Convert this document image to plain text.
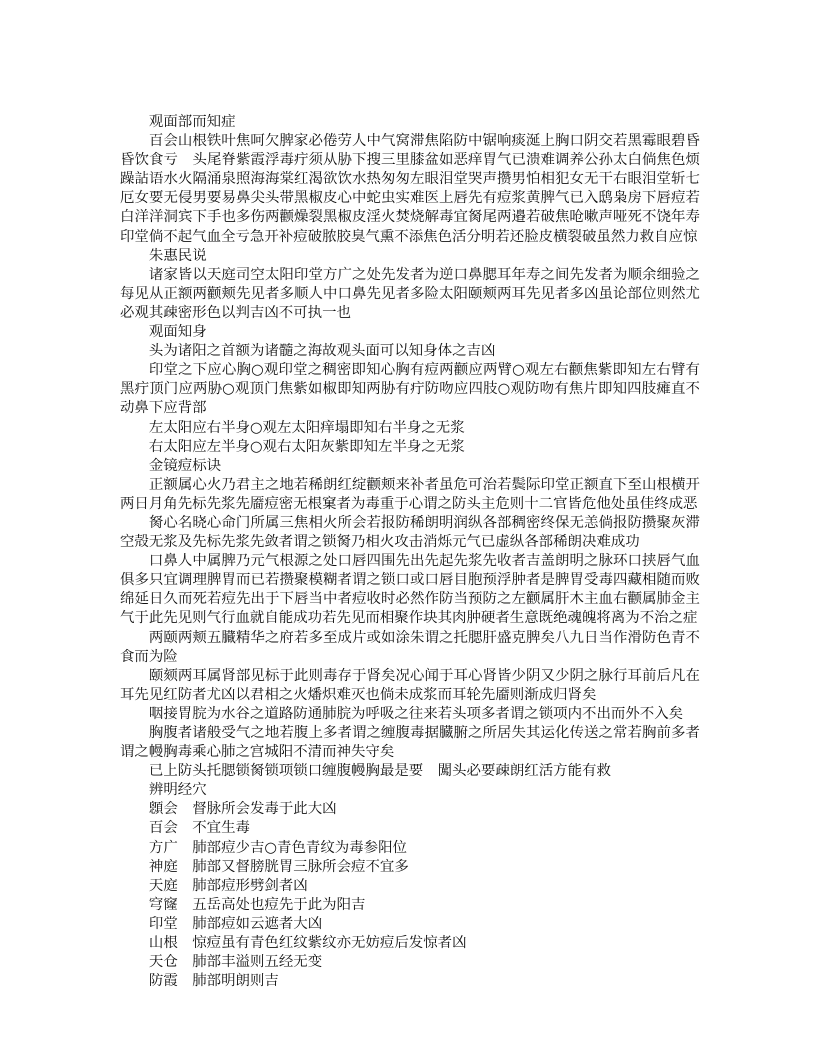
观面部而知症

百会山根铁叶焦呵欠脾家必倦劳人中气窝滞焦陷防中锯响痰涎上胸口阴交若黑霉眼碧昏昏饮食亏　头尾脊紫霞浮毒疔须从胁下搜三里膝盆如恶痒胃气已溃难调养公孙太白倘焦色烦躁詀语水火隔涌泉照海海棠红渴欲饮水热匆匆左眼泪堂哭声攒男怕相犯女无干右眼泪堂斩七厄女要无侵男要易鼻尖头带黑椒皮心中蛇虫实难医上唇先有痘浆黄脾气已入鸱枭房下唇痘若白洋洋洞宾下手也多伤两颧燥裂黑椒皮淫火焚烧解毒宜胬尾两邉若破焦呛嗽声哑死不饶年寿印堂倘不起气血全亏急开补痘破脓胶臭气熏不添焦色活分明若还脸皮横裂破虽然力救自应惊

朱惠民说

诸家皆以天庭司空太阳印堂方广之处先发者为逆口鼻腮耳年寿之间先发者为顺余细验之每见从正额两颧颊先见者多顺人中口鼻先见者多险太阳颐颊两耳先见者多凶虽论部位则然尤必观其疎密形色以判吉凶不可执一也

观面知身

头为诸阳之首额为诸髓之海故观头面可以知身体之吉凶

印堂之下应心胸○观印堂之稠密即知心胸有痘两颧应两臂○观左右颧焦紫即知左右臂有黑疔顶门应两胁○观顶门焦紫如椒即知两胁有疔防吻应四肢○观防吻有焦片即知四肢瘫直不动鼻下应背部

左太阳应右半身○观左太阳痒塌即知右半身之无浆

右太阳应左半身○观右太阳灰紫即知左半身之无浆

金镜痘标诀

正额属心火乃君主之地若稀朗红绽颧颊来补者虽危可治若鬓际印堂正额直下至山根横开两日月角先标先浆先靥痘密无根窠者为毒重于心谓之防头主危则十二官皆危他处虽佳终成恶

胬心名晓心命门所属三焦相火所会若报防稀朗明润纵各部稠密终保无恙倘报防攒聚灰滞空殻无浆及先标先浆先敛者谓之锁胬乃相火攻击消烁元气已虚纵各部稀朗决难成功

口鼻人中属脾乃元气根源之处口唇四围先出先起先浆先收者吉盖朗明之脉环口挟唇气血俱多只宜调理脾胃而已若攒聚模糊者谓之锁口或口唇目胞预浮肿者是脾胃受毒四藏相随而败绵延日久而死若痘先出于下唇当中者痘收时必然作防当预防之左颧属肝木主血右颧属肺金主气于此先见则气行血就自能成功若先见而相聚作块其肉肿硬者生意既绝魂魄将离为不治之症

两颐两颊五臓精华之府若多至成片或如涂朱谓之托腮肝盛克脾矣八九日当作滑防色青不食而为险

颐颏两耳属肾部见标于此则毒存于肾矣况心闻于耳心肾皆少阴又少阴之脉行耳前后凡在耳先见红防者尤凶以君相之火燔炽难灭也倘未成浆而耳轮先靥则渐成归肾矣

咽接胃脘为水谷之道路防通肺脘为呼吸之往来若头项多者谓之锁项内不出而外不入矣

胸腹者诸般受气之地若腹上多者谓之缠腹毒据臓腑之所居失其运化传送之常若胸前多者谓之幔胸毒乘心肺之宫城阳不清而神失守矣

已上防头托腮锁胬锁项锁口缠腹幔胸最是要　闖头必要疎朗红活方能有救

辨明经穴

顖会	督脉所会发毒于此大凶
百会	不宜生毒
方广	肺部痘少吉○青色青纹为毒参阳位
神庭	肺部又督膀胱胃三脉所会痘不宜多
天庭	肺部痘形劈剑者凶
穹窿	五岳高处也痘先于此为阳吉
印堂	肺部痘如云遮者大凶
山根	惊痘虽有青色红纹紫纹亦无妨痘后发惊者凶
天仓	肺部丰溢则五经无变
防霞	肺部明朗则吉
